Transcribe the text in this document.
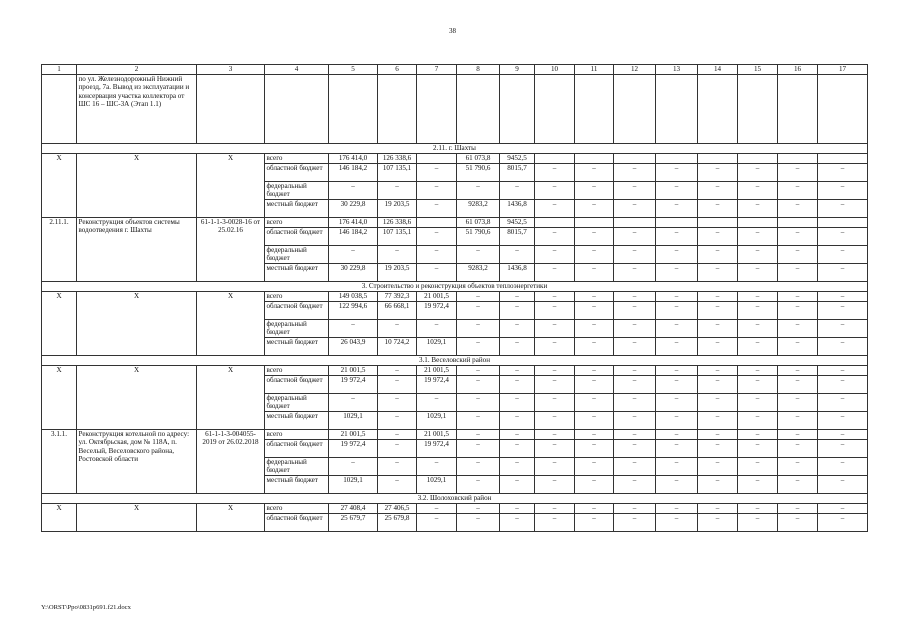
38
1	2	3	4	5	6	7	8	9	10	11	12	13	14	15	16	17
	по ул. Железнодорожный Нижний проезд, 7а. Вывод из эксплуатации и консервация участка коллектора от ШС 16 – ШС-3А (Этап 1.1)															
2.11. г. Шахты																
Х	Х	Х	всего	176 414,0	126 338,6		61 073,8	9452,5								
			областной бюджет	146 184,2	107 135,1	–	51 790,6	8015,7	–	–	–	–	–	–	–	–
			федеральный бюджет	–	–	–	–	–	–	–	–	–	–	–	–	–
			местный бюджет	30 229,8	19 203,5	–	9283,2	1436,8	–	–	–	–	–	–	–	–
2.11.1.	Реконструкция объектов системы водоотведения г. Шахты	61-1-1-3-0028-16 от 25.02.16	всего	176 414,0	126 338,6		61 073,8	9452,5								
			областной бюджет	146 184,2	107 135,1	–	51 790,6	8015,7	–	–	–	–	–	–	–	–
			федеральный бюджет	–	–	–	–	–	–	–	–	–	–	–	–	–
			местный бюджет	30 229,8	19 203,5	–	9283,2	1436,8	–	–	–	–	–	–	–	–
3. Строительство и реконструкция объектов теплоэнергетики																
Х	Х	Х	всего	149 038,5	77 392,3	21 001,5	–	–	–	–	–	–	–	–	–	–
			областной бюджет	122 994,6	66 668,1	19 972,4	–	–	–	–	–	–	–	–	–	–
			федеральный бюджет	–	–	–	–	–	–	–	–	–	–	–	–	–
			местный бюджет	26 043,9	10 724,2	1029,1	–	–	–	–	–	–	–	–	–	–
3.1. Веселовский район																
Х	Х	Х	всего	21 001,5	–	21 001,5	–	–	–	–	–	–	–	–	–	–
			областной бюджет	19 972,4	–	19 972,4	–	–	–	–	–	–	–	–	–	–
			федеральный бюджет	–	–	–	–	–	–	–	–	–	–	–	–	–
			местный бюджет	1029,1	–	1029,1	–	–	–	–	–	–	–	–	–	–
3.1.1.	Реконструкция котельной по адресу: ул. Октябрьская, дом № 118А, п. Веселый, Веселовского района, Ростовской области	61-1-1-3-004055-2019 от 26.02.2018	всего	21 001,5	–	21 001,5	–	–	–	–	–	–	–	–	–	–
			областной бюджет	19 972,4	–	19 972,4	–	–	–	–	–	–	–	–	–	–
			федеральный бюджет	–	–	–	–	–	–	–	–	–	–	–	–	–
			местный бюджет	1029,1	–	1029,1	–	–	–	–	–	–	–	–	–	–
3.2. Шолоховский район																
Х	Х	Х	всего	27 408,4	27 406,5	–	–	–	–	–	–	–	–	–	–	–
			областной бюджет	25 679,7	25 679,8	–	–	–	–	–	–	–	–	–	–	–
Y:\ORST\Ppo\0831p691.f21.docx
